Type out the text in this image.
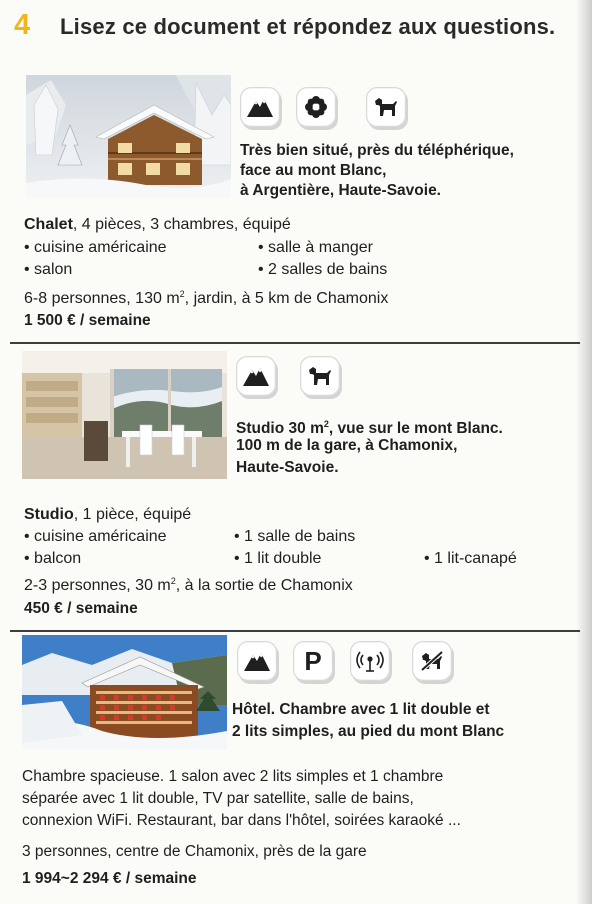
4	Lisez ce document et répondez aux questions.
Très bien situé, près du téléphérique,
face au mont Blanc,
à Argentière, Haute-Savoie.
Chalet, 4 pièces, 3 chambres, équipé
• cuisine américaine
• salon
• salle à manger
• 2 salles de bains
6-8 personnes, 130 $m^2$, jardin, à 5 km de Chamonix
1 500 € / semaine
Studio 30 $m^2$, vue sur le mont Blanc.
100 m de la gare, à Chamonix,
Haute-Savoie.
Studio, 1 pièce, équipé
• cuisine américaine
• balcon
• 1 salle de bains
• 1 lit double	• 1 lit-canapé
2-3 personnes, 30 $m^2$, à la sortie de Chamonix
450 € / semaine
P
Hôtel. Chambre avec 1 lit double et
2 lits simples, au pied du mont Blanc
Chambre spacieuse. 1 salon avec 2 lits simples et 1 chambre
séparée avec 1 lit double, TV par satellite, salle de bains,
connexion WiFi. Restaurant, bar dans l'hôtel, soirées karaoké ...
3 personnes, centre de Chamonix, près de la gare
1 994~2 294 € / semaine
